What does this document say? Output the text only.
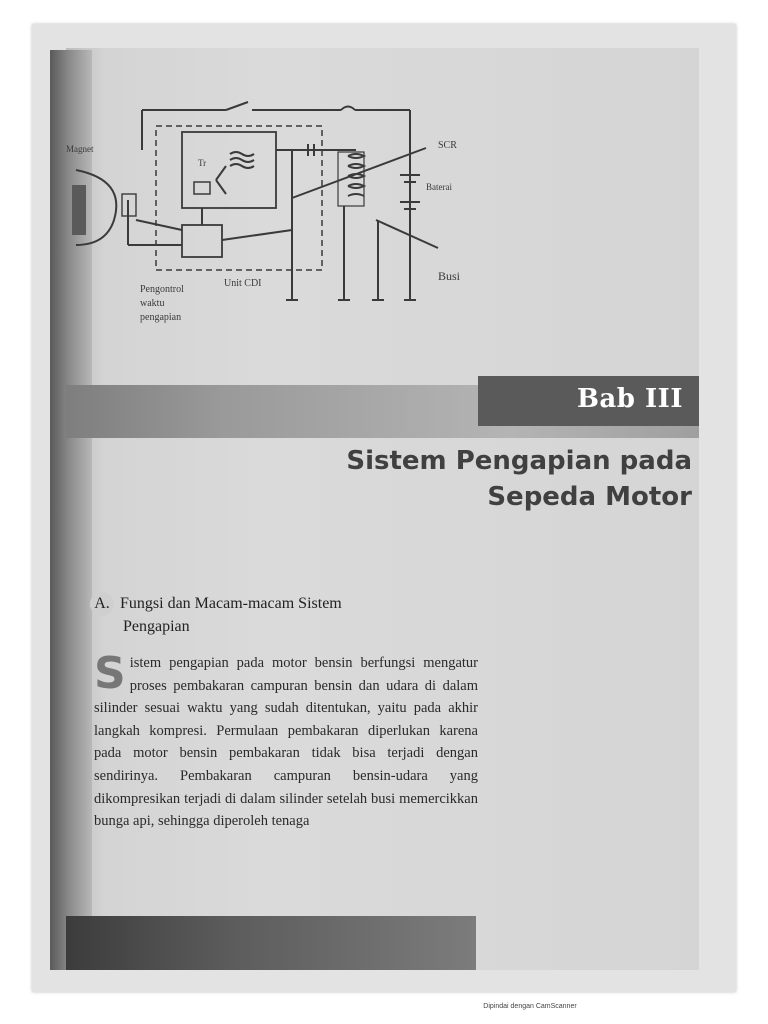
Magnet
Tr
SCR
Baterai
Busi
Unit CDI
Pengontrol
waktu
pengapian
Bab III
Sistem Pengapian pada
Sepeda Motor
A. Fungsi dan Macam-macam Sistem
Pengapian
Sistem pengapian pada motor bensin berfungsi mengatur proses pembakaran campuran bensin dan udara di dalam silinder sesuai waktu yang sudah ditentukan, yaitu pada akhir langkah kompresi. Permulaan pembakaran diperlukan karena pada motor bensin pembakaran tidak bisa terjadi dengan sendirinya. Pembakaran campuran bensin-udara yang dikompresikan terjadi di dalam silinder setelah busi memercikkan bunga api, sehingga diperoleh tenaga
Dipindai dengan CamScanner
